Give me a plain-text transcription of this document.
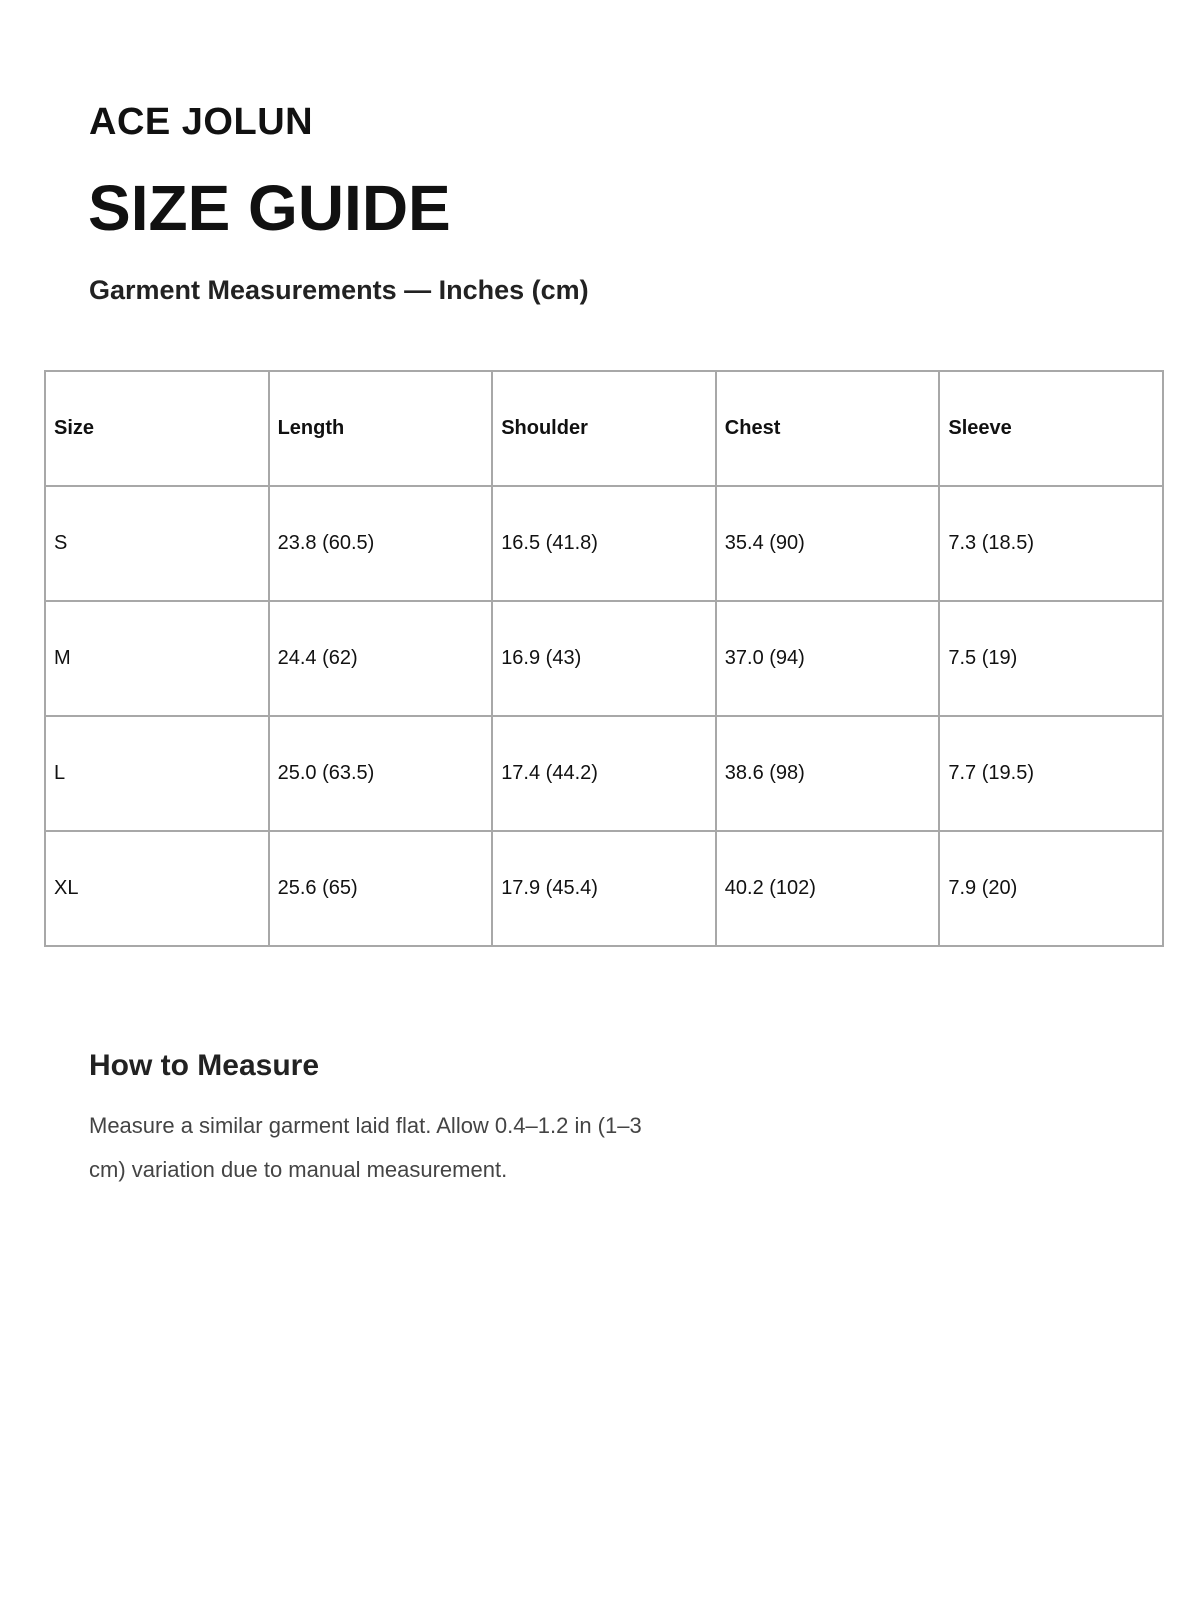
ACE JOLUN
SIZE GUIDE
Garment Measurements — Inches (cm)
Size	Length	Shoulder	Chest	Sleeve
S	23.8 (60.5)	16.5 (41.8)	35.4 (90)	7.3 (18.5)
M	24.4 (62)	16.9 (43)	37.0 (94)	7.5 (19)
L	25.0 (63.5)	17.4 (44.2)	38.6 (98)	7.7 (19.5)
XL	25.6 (65)	17.9 (45.4)	40.2 (102)	7.9 (20)
How to Measure

Measure a similar garment laid flat. Allow 0.4–1.2 in (1–3 cm) variation due to manual measurement.
